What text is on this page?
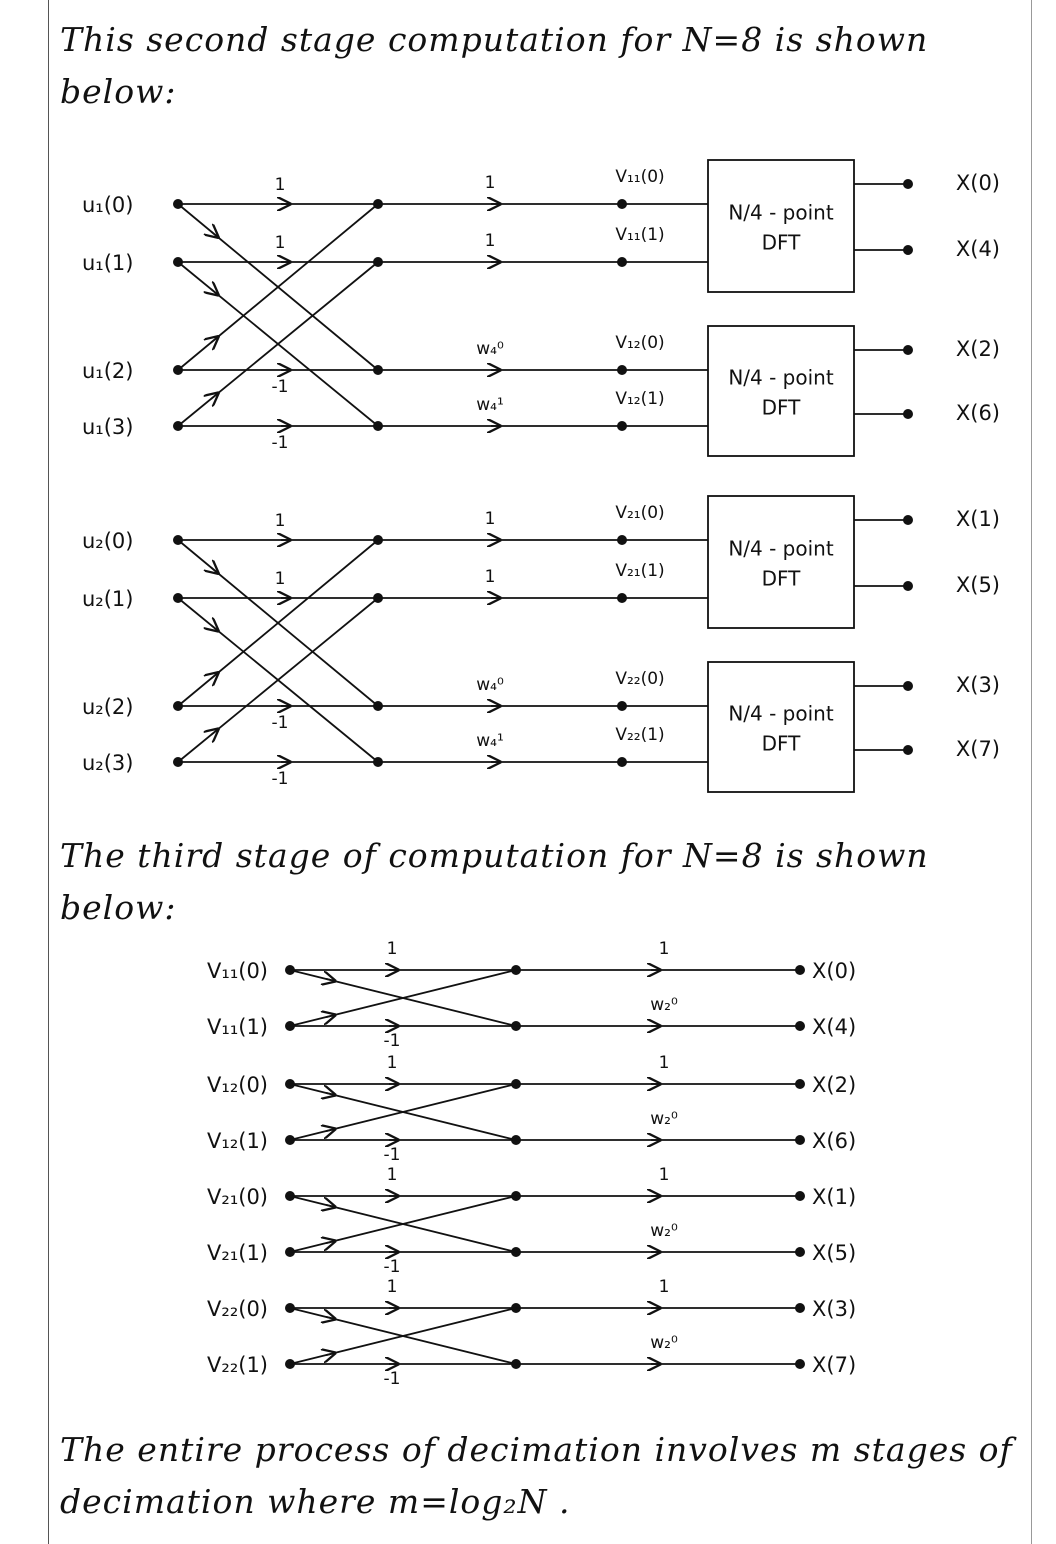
This second stage computation for N=8 is shown below:
The third stage of computation for N=8 is shown below:
The entire process of decimation involves m stages of decimation where m=log₂N .
u₁(0)
1	V₁₁(0)
1
u₁(1)
1	V₁₁(1)
1
u₁(2)
w₄⁰	V₁₂(0)
-1
u₁(3)
w₄¹	V₁₂(1)
-1
N/4 - point
DFT
X(0)
X(4)
N/4 - point
DFT
X(2)
X(6)
u₂(0)
1	V₂₁(0)
1
u₂(1)
1	V₂₁(1)
1
u₂(2)
w₄⁰	V₂₂(0)
-1
u₂(3)
w₄¹	V₂₂(1)
-1
N/4 - point
DFT
X(1)
X(5)
N/4 - point
DFT
X(3)
X(7)
V₁₁(0)
1	1
X(0)
V₁₁(1)
-1
w₂⁰
X(4)
V₁₂(0)
1	1
X(2)
V₁₂(1)
-1
w₂⁰
X(6)
V₂₁(0)
1	1
X(1)
V₂₁(1)
-1
w₂⁰
X(5)
V₂₂(0)
1	1
X(3)
V₂₂(1)
-1
w₂⁰
X(7)
